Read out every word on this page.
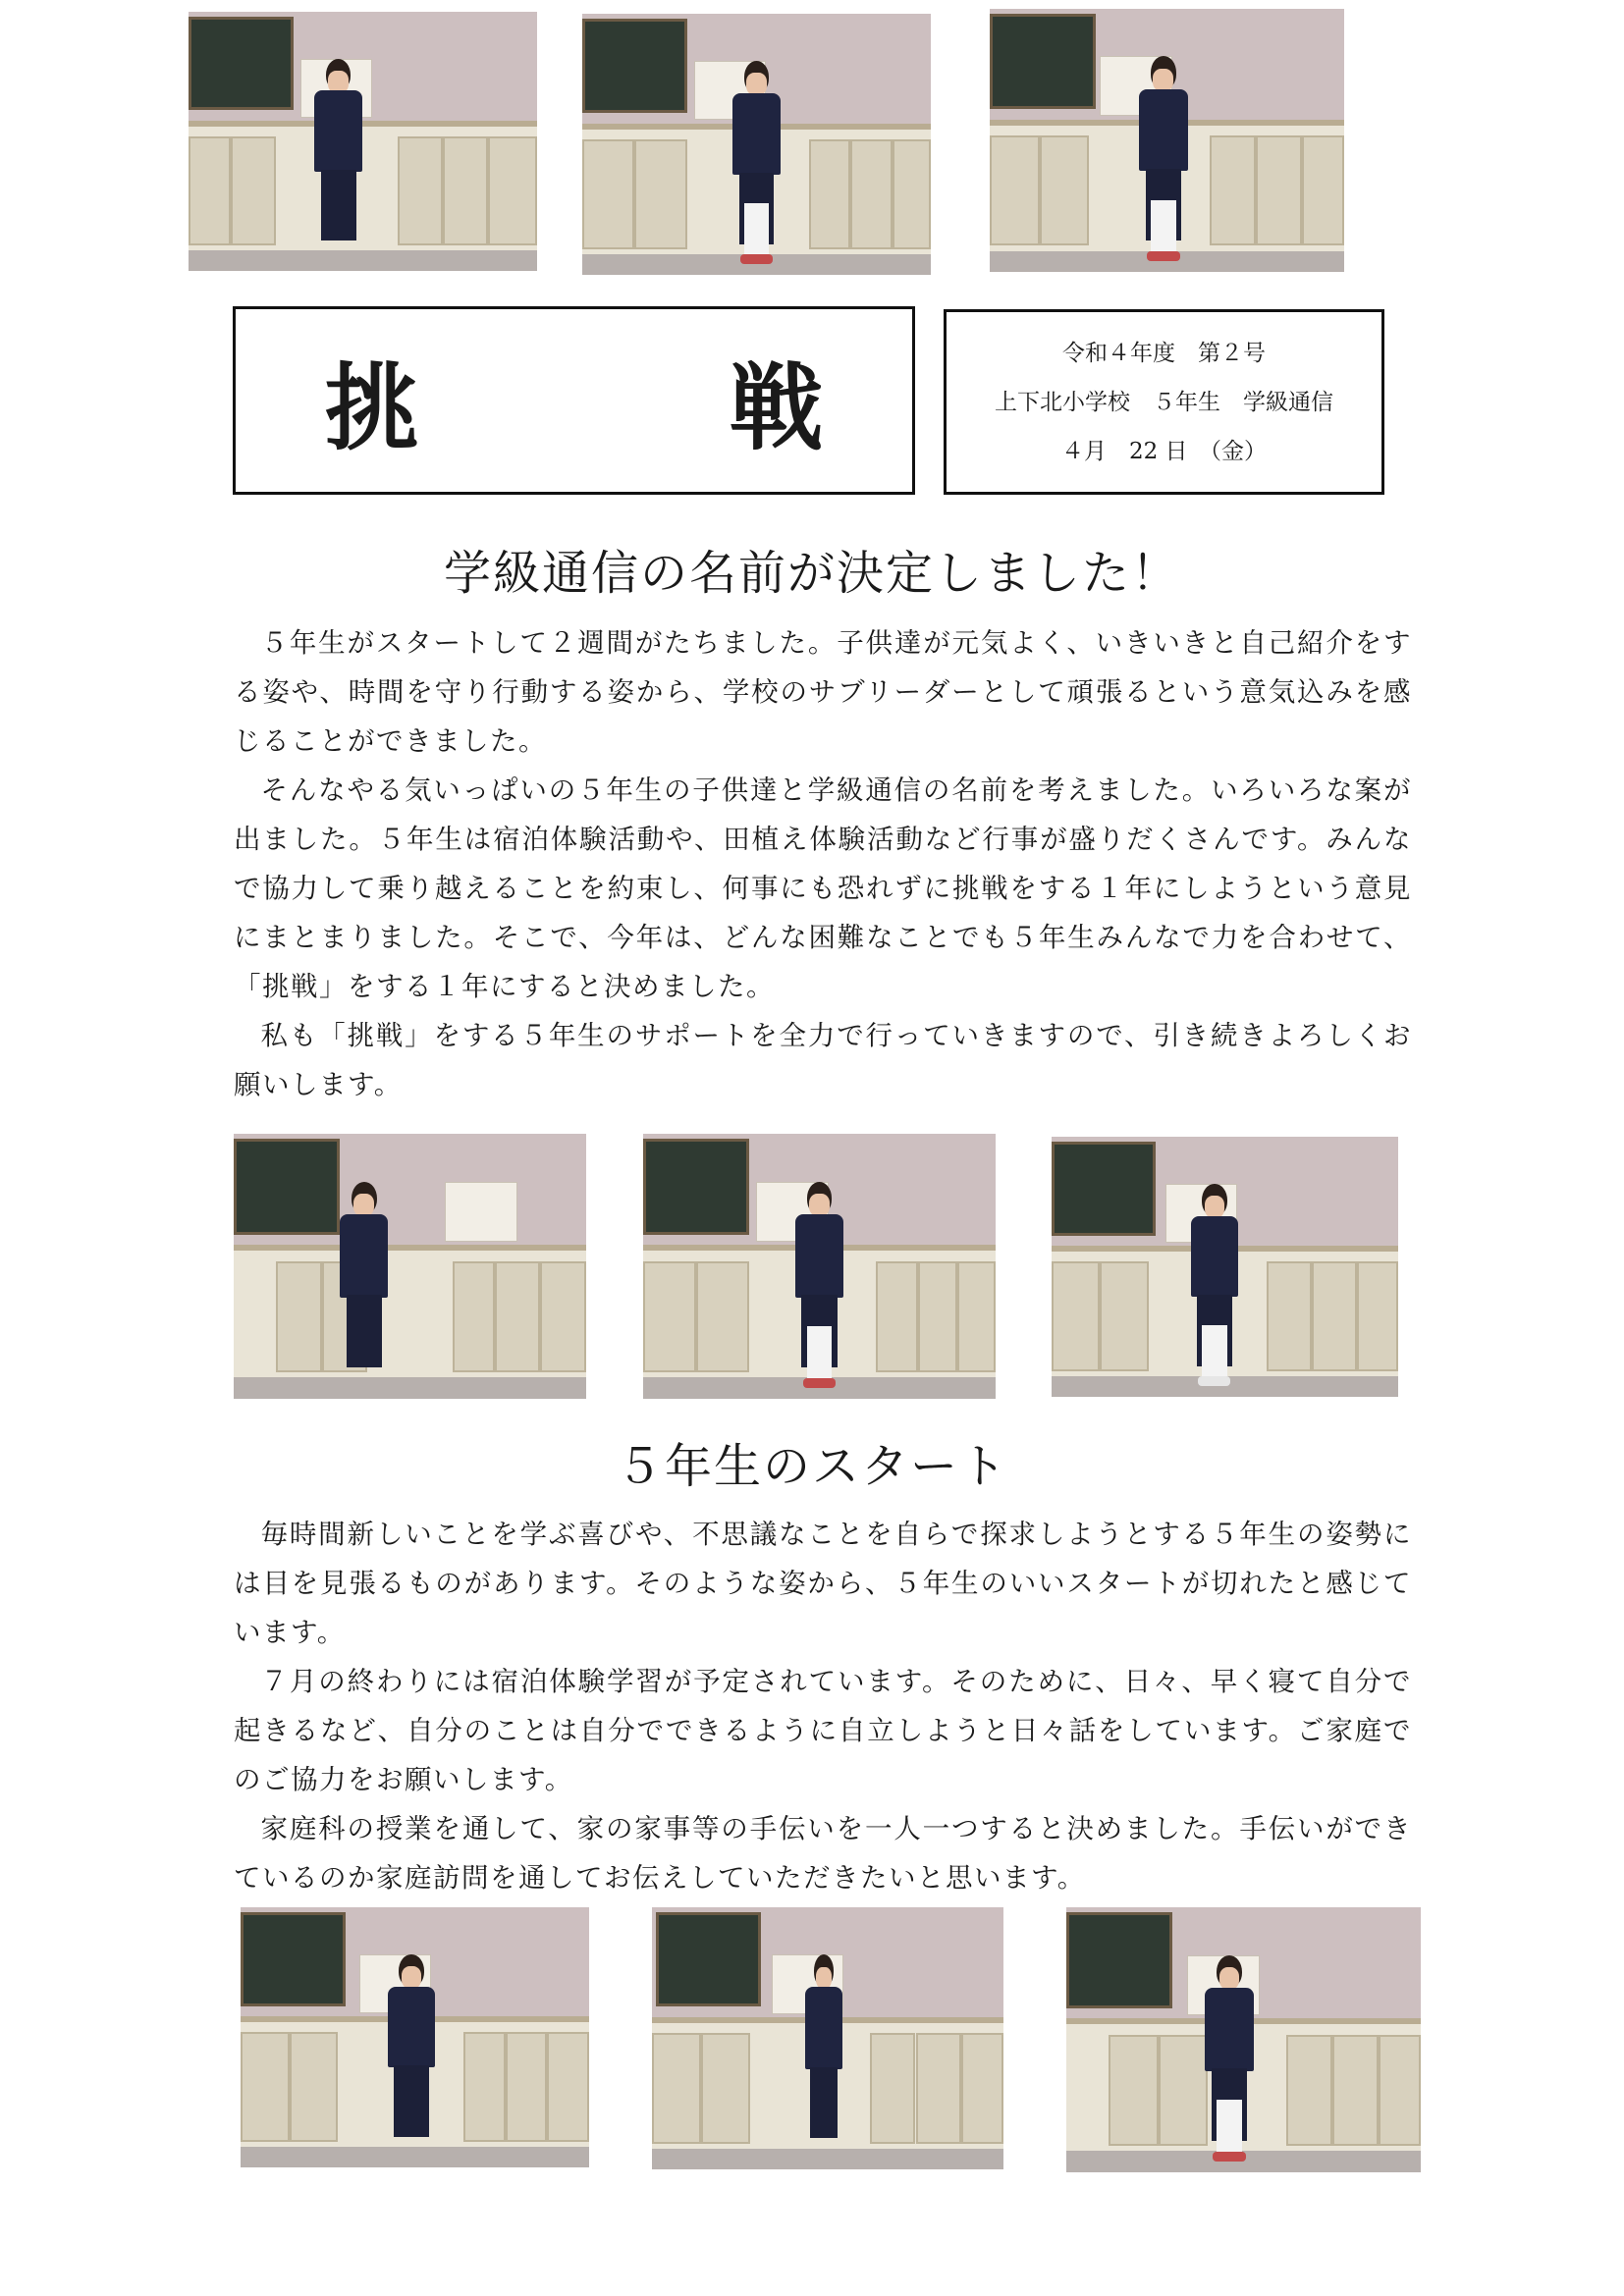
挑　戦	令和４年度　第２号
上下北小学校　５年生　学級通信
４月　22 日　（金）
学級通信の名前が決定しました！

５年生がスタートして２週間がたちました。子供達が元気よく、いきいきと自己紹介をする姿や、時間を守り行動する姿から、学校のサブリーダーとして頑張るという意気込みを感じることができました。

そんなやる気いっぱいの５年生の子供達と学級通信の名前を考えました。いろいろな案が出ました。５年生は宿泊体験活動や、田植え体験活動など行事が盛りだくさんです。みんなで協力して乗り越えることを約束し、何事にも恐れずに挑戦をする１年にしようという意見にまとまりました。そこで、今年は、どんな困難なことでも５年生みんなで力を合わせて、「挑戦」をする１年にすると決めました。

私も「挑戦」をする５年生のサポートを全力で行っていきますので、引き続きよろしくお願いします。

５年生のスタート

毎時間新しいことを学ぶ喜びや、不思議なことを自らで探求しようとする５年生の姿勢には目を見張るものがあります。そのような姿から、５年生のいいスタートが切れたと感じています。

７月の終わりには宿泊体験学習が予定されています。そのために、日々、早く寝て自分で起きるなど、自分のことは自分でできるように自立しようと日々話をしています。ご家庭でのご協力をお願いします。

家庭科の授業を通して、家の家事等の手伝いを一人一つすると決めました。手伝いができているのか家庭訪問を通してお伝えしていただきたいと思います。
